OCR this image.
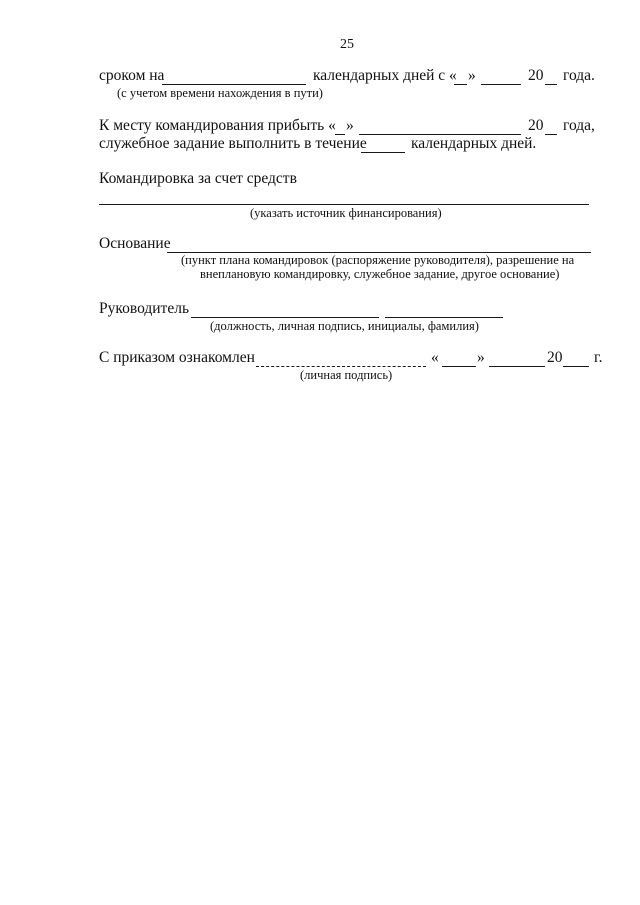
25
сроком на	календарных дней с « »	20 года.
(с учетом времени нахождения в пути)
К месту командирования прибыть « »	20 года,
служебное задание выполнить в течение	календарных дней.
Командировка за счет средств
(указать источник финансирования)
Основание
(пункт плана командировок (распоряжение руководителя), разрешение на
внеплановую командировку, служебное задание, другое основание)
Руководитель
(должность, личная подпись, инициалы, фамилия)
С приказом ознакомлен	« »	20 г.
(личная подпись)
